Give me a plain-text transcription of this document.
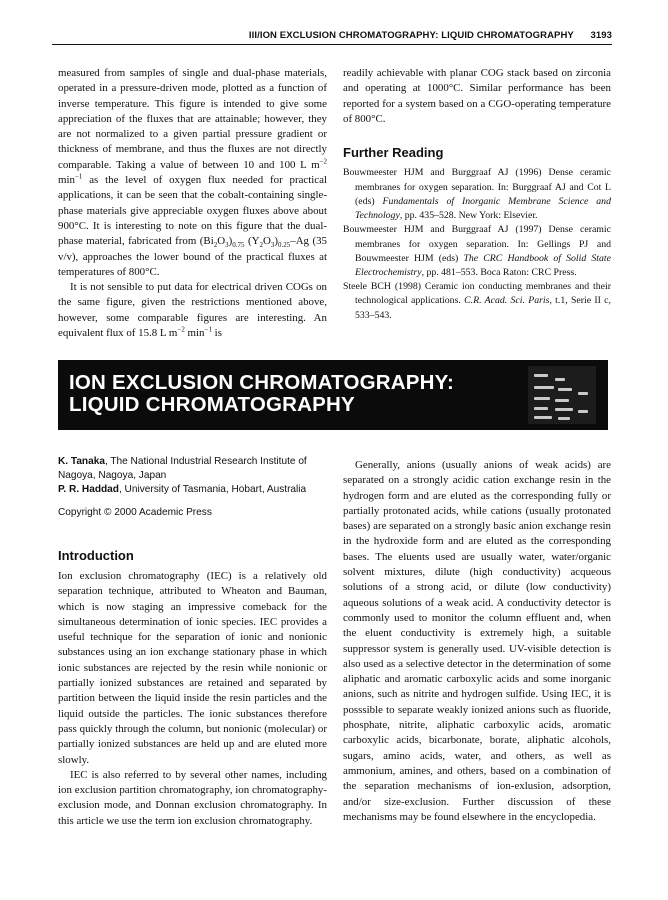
III/ION EXCLUSION CHROMATOGRAPHY: LIQUID CHROMATOGRAPHY 3193

measured from samples of single and dual-phase materials, operated in a pressure-driven mode, plotted as a function of inverse temperature. This figure is intended to give some appreciation of the fluxes that are attainable; however, they are not normalized to a given partial pressure gradient or thickness of membrane, and thus the fluxes are not directly comparable. Taking a value of between 10 and 100 L $m^{-2}$ $\min^{-1}$ as the level of oxygen flux needed for practical applications, it can be seen that the cobalt-containing single-phase materials give appreciable oxygen fluxes above about 900°C. It is interesting to note on this figure that the dual-phase material, fabricated from $(Bi_2O_3)_{0.75}$ $(Y_2O_3)_{0.25}-Ag$ (35 v/v), approaches the lower bound of the practical fluxes at temperatures of 800°C.

It is not sensible to put data for electrical driven COGs on the same figure, given the restrictions mentioned above, however, some comparable figures are interesting. An equivalent flux of 15.8 L $m^{-2}$ $\min^{-1}$ is

readily achievable with planar COG stack based on zirconia and operating at 1000°C. Similar performance has been reported for a system based on a CGO-operating temperature of 800°C.

Further Reading
Bouwmeester HJM and Burggraaf AJ (1996) Dense ceramic membranes for oxygen separation. In: Burggraaf AJ and Cot L (eds) Fundamentals of Inorganic Membrane Science and Technology, pp. 435–528. New York: Elsevier.
Bouwmeester HJM and Burggraaf AJ (1997) Dense ceramic membranes for oxygen separation. In: Gellings PJ and Bouwmeester HJM (eds) The CRC Handbook of Solid State Electrochemistry, pp. 481–553. Boca Raton: CRC Press.
Steele BCH (1998) Ceramic ion conducting membranes and their technological applications. C.R. Acad. Sci. Paris, t.1, Serie II c, 533–543.
ION EXCLUSION CHROMATOGRAPHY:
LIQUID CHROMATOGRAPHY

K. Tanaka, The National Industrial Research Institute of Nagoya, Nagoya, Japan

P. R. Haddad, University of Tasmania, Hobart, Australia

Copyright © 2000 Academic Press

Introduction

Ion exclusion chromatography (IEC) is a relatively old separation technique, attributed to Wheaton and Bauman, which is now staging an impressive comeback for the simultaneous determination of ionic species. IEC provides a useful technique for the separation of ionic and nonionic substances using an ion exchange stationary phase in which ionic substances are rejected by the resin while nonionic or partially ionized substances are retained and separated by partition between the liquid inside the resin particles and the liquid outside the particles. The ionic substances therefore pass quickly through the column, but nonionic (molecular) or partially ionized substances are held up and are eluted more slowly.

IEC is also referred to by several other names, including ion exclusion partition chromatography, ion chromatography-exclusion mode, and Donnan exclusion chromatography. In this article we use the term ion exclusion chromatography.

Generally, anions (usually anions of weak acids) are separated on a strongly acidic cation exchange resin in the hydrogen form and are eluted as the corresponding fully or partially protonated acids, while cations (usually protonated bases) are separated on a strongly basic anion exchange resin in the hydroxide form and are eluted as the corresponding bases. The eluents used are usually water, water/organic solvent mixtures, dilute (high conductivity) acqueous solutions of a strong acid, or dilute (low conductivity) aqueous solutions of a weak acid. A conductivity detector is commonly used to monitor the column effluent and, when the eluent conductivity is extremely high, a suitable suppressor system is generally used. UV-visible detection is also used as a selective detector in the determination of some aliphatic and aromatic carboxylic acids and some inorganic anions, such as nitrite and hydrogen sulfide. Using IEC, it is posssible to separate weakly ionized anions such as fluoride, phosphate, nitrite, aliphatic carboxylic acids, aromatic carboxylic acids, bicarbonate, borate, aliphatic alcohols, sugars, amino acids, water, and others, as well as ammonium, amines, and others, based on a combination of the separation mechanisms of ion-exlusion, adsorption, and/or size-exclusion. Further discussion of these mechanisms may be found elsewhere in the encyclopedia.
